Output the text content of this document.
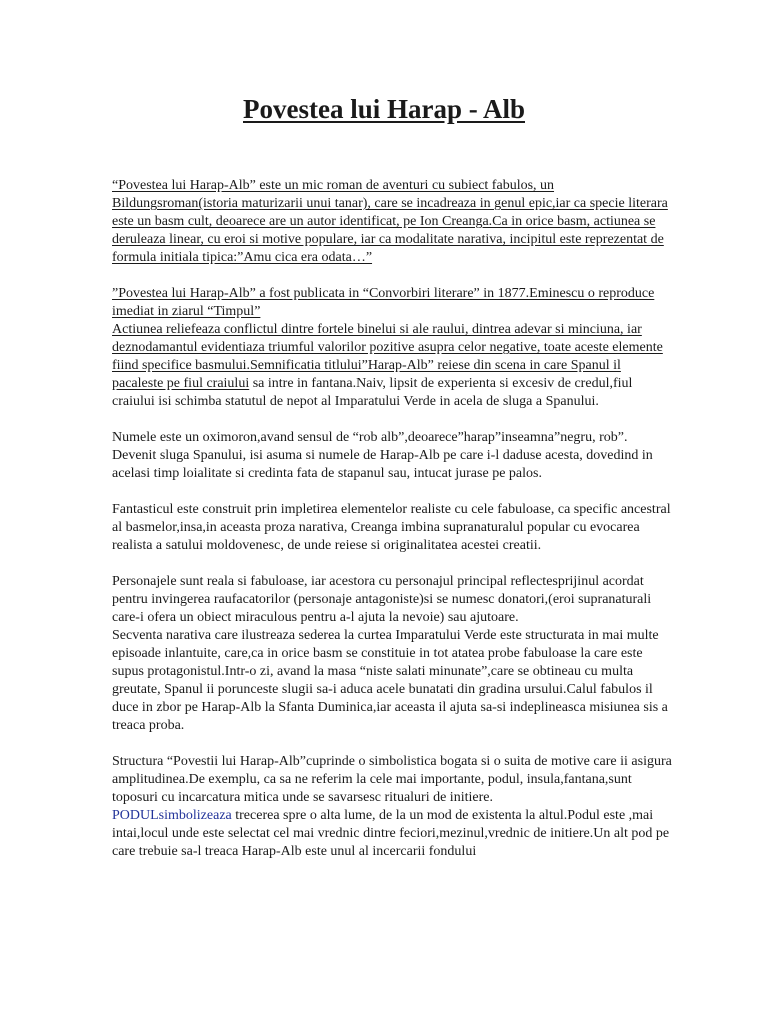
Povestea lui Harap - Alb

“Povestea lui Harap-Alb” este un mic roman de aventuri cu subiect fabulos, un Bildungsroman(istoria maturizarii unui tanar), care se incadreaza in genul epic,iar ca specie literara este un basm cult, deoarece are un autor identificat, pe Ion Creanga.Ca in orice basm, actiunea se deruleaza linear, cu eroi si motive populare, iar ca modalitate narativa, incipitul este reprezentat de formula initiala tipica:”Amu cica era odata…”

”Povestea lui Harap-Alb” a fost publicata in “Convorbiri literare” in 1877.Eminescu o reproduce imediat in ziarul “Timpul”

Actiunea reliefeaza conflictul dintre fortele binelui si ale raului, dintrea adevar si minciuna, iar deznodamantul evidentiaza triumful valorilor pozitive asupra celor negative, toate aceste elemente fiind specifice basmului.Semnificatia titlului”Harap-Alb” reiese din scena in care Spanul il pacaleste pe fiul craiului sa intre in fantana.Naiv, lipsit de experienta si excesiv de credul,fiul craiului isi schimba statutul de nepot al Imparatului Verde in acela de sluga a Spanului.

Numele este un oximoron,avand sensul de “rob alb”,deoarece”harap”inseamna”negru, rob”. Devenit sluga Spanului, isi asuma si numele de Harap-Alb pe care i-l daduse acesta, dovedind in acelasi timp loialitate si credinta fata de stapanul sau, intucat jurase pe palos.

Fantasticul este construit prin impletirea elementelor realiste cu cele fabuloase, ca specific ancestral al basmelor,insa,in aceasta proza narativa, Creanga imbina supranaturalul popular cu evocarea realista a satului moldovenesc, de unde reiese si originalitatea acestei creatii.

Personajele sunt reala si fabuloase, iar acestora cu personajul principal reflectesprijinul acordat pentru invingerea raufacatorilor (personaje antagoniste)si se numesc donatori,(eroi supranaturali care-i ofera un obiect miraculous pentru a-l ajuta la nevoie) sau ajutoare.

Secventa narativa care ilustreaza sederea la curtea Imparatului Verde este structurata in mai multe episoade inlantuite, care,ca in orice basm se constituie in tot atatea probe fabuloase la care este supus protagonistul.Intr-o zi, avand la masa “niste salati minunate”,care se obtineau cu multa greutate, Spanul ii porunceste slugii sa-i aduca acele bunatati din gradina ursului.Calul fabulos il duce in zbor pe Harap-Alb la Sfanta Duminica,iar aceasta il ajuta sa-si indeplineasca misiunea sis a treaca proba.

Structura “Povestii lui Harap-Alb”cuprinde o simbolistica bogata si o suita de motive care ii asigura amplitudinea.De exemplu, ca sa ne referim la cele mai importante, podul, insula,fantana,sunt toposuri cu incarcatura mitica unde se savarsesc ritualuri de initiere.
PODULsimbolizeaza trecerea spre o alta lume, de la un mod de existenta la altul.Podul este ,mai intai,locul unde este selectat cel mai vrednic dintre feciori,mezinul,vrednic de initiere.Un alt pod pe care trebuie sa-l treaca Harap-Alb este unul al incercarii fondului
